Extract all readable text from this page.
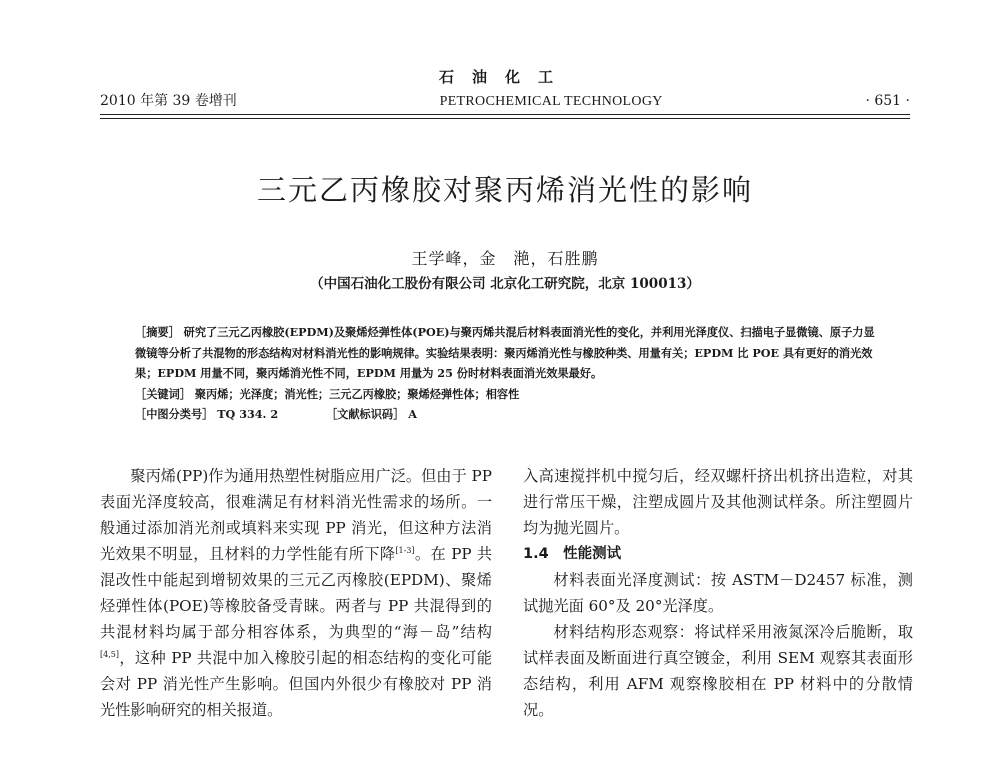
石油化工
2010 年第 39 卷增刊	PETROCHEMICAL TECHNOLOGY	· 651 ·
三元乙丙橡胶对聚丙烯消光性的影响
王学峰，金　滟，石胜鹏
（中国石油化工股份有限公司 北京化工研究院，北京 100013）

［摘要］ 研究了三元乙丙橡胶(EPDM)及聚烯烃弹性体(POE)与聚丙烯共混后材料表面消光性的变化，并利用光泽度仪、扫描电子显微镜、原子力显微镜等分析了共混物的形态结构对材料消光性的影响规律。实验结果表明：聚丙烯消光性与橡胶种类、用量有关；EPDM 比 POE 具有更好的消光效果；EPDM 用量不同，聚丙烯消光性不同，EPDM 用量为 25 份时材料表面消光效果最好。

［关键词］ 聚丙烯；光泽度；消光性；三元乙丙橡胶；聚烯烃弹性体；相容性

［中图分类号］ TQ 334. 2	［文献标识码］ A

聚丙烯(PP)作为通用热塑性树脂应用广泛。但由于 PP 表面光泽度较高，很难满足有材料消光性需求的场所。一般通过添加消光剂或填料来实现 PP 消光，但这种方法消光效果不明显，且材料的力学性能有所下降[1-3]。在 PP 共混改性中能起到增韧效果的三元乙丙橡胶(EPDM)、聚烯烃弹性体(POE)等橡胶备受青睐。两者与 PP 共混得到的共混材料均属于部分相容体系，为典型的“海－岛”结构[4,5]，这种 PP 共混中加入橡胶引起的相态结构的变化可能会对 PP 消光性产生影响。但国内外很少有橡胶对 PP 消光性影响研究的相关报道。

入高速搅拌机中搅匀后，经双螺杆挤出机挤出造粒，对其进行常压干燥，注塑成圆片及其他测试样条。所注塑圆片均为抛光圆片。

1.4　性能测试

材料表面光泽度测试：按 ASTM－D2457 标准，测试抛光面 60°及 20°光泽度。

材料结构形态观察：将试样采用液氮深冷后脆断，取试样表面及断面进行真空镀金，利用 SEM 观察其表面形态结构，利用 AFM 观察橡胶相在 PP 材料中的分散情况。
